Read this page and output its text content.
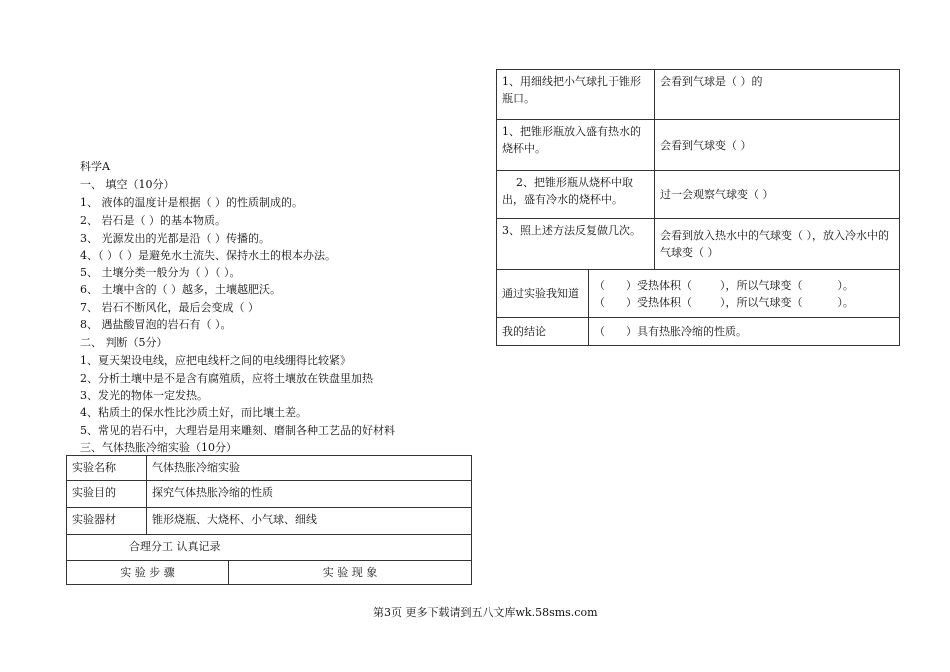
科学A
一、 填空（10分）
1、 液体的温度计是根据（ ）的性质制成的。
2、 岩石是（ ）的基本物质。
3、 光源发出的光都是沿（ ）传播的。
4、（ ）（ ）是避免水土流失、保持水土的根本办法。
5、 土壤分类一般分为（ ）（ ）。
6、 土壤中含的（ ）越多，土壤越肥沃。
7、 岩石不断风化，最后会变成（ ）
8、 遇盐酸冒泡的岩石有（ ）。
二、 判断（5分）
1、夏天架设电线，应把电线杆之间的电线绷得比较紧》
2、分析土壤中是不是含有腐殖质，应将土壤放在铁盘里加热
3、发光的物体一定发热。
4、粘质土的保水性比沙质土好，而比壤土差。
5、常见的岩石中，大理岩是用来雕刻、磨制各种工艺品的好材料
三、气体热胀冷缩实验（10分）
实验名称	气体热胀冷缩实验	
实验目的	探究气体热胀冷缩的性质	
实验器材	锥形烧瓶、大烧杯、小气球、细线	
合理分工 认真记录		
实 验 步 骤		实 验 现 象
1、用细线把小气球扎于锥形瓶口。		会看到气球是（ ）的
1、把锥形瓶放入盛有热水的烧杯中。		会看到气球变（ ）
2、把锥形瓶从烧杯中取出，盛有冷水的烧杯中。		过一会观察气球变（ ）
3、照上述方法反复做几次。		会看到放入热水中的气球变（ ），放入冷水中的气球变（ ）
通过实验我知道	（      ）受热体积（        ），所以气球变（          ）。
（      ）受热体积（        ），所以气球变（          ）。	

我的结论	（      ）具有热胀冷缩的性质。	
第3页 更多下载请到五八文库wk.58sms.com
